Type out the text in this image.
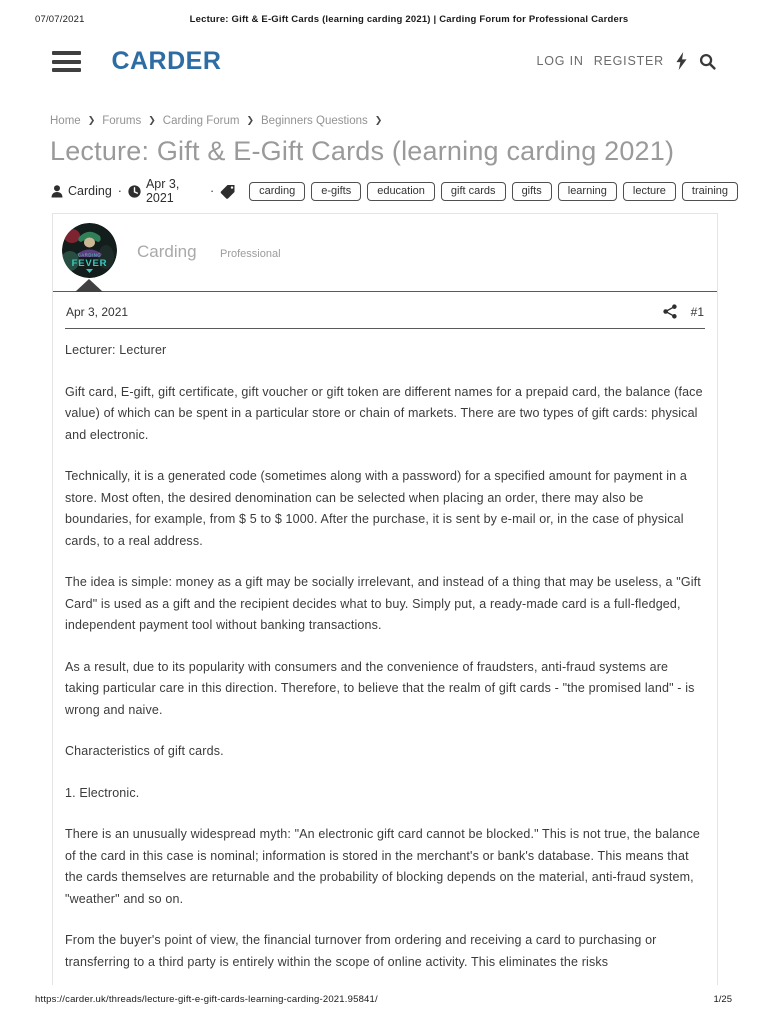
07/07/2021	Lecture: Gift & E-Gift Cards (learning carding 2021) | Carding Forum for Professional Carders
CARDER	LOG IN REGISTER
Home ❯ Forums ❯ Carding Forum ❯ Beginners Questions ❯
Lecture: Gift & E-Gift Cards (learning carding 2021)
Carding · Apr 3, 2021	·	carding	e-gifts	education	gift cards	gifts	learning	lecture	training
CARDING
FEVER
Carding Professional
Apr 3, 2021	#1

Lecturer: Lecturer

Gift card, E-gift, gift certificate, gift voucher or gift token are different names for a prepaid card, the balance (face value) of which can be spent in a particular store or chain of markets. There are two types of gift cards: physical and electronic.

Technically, it is a generated code (sometimes along with a password) for a specified amount for payment in a store. Most often, the desired denomination can be selected when placing an order, there may also be boundaries, for example, from $ 5 to $ 1000. After the purchase, it is sent by e-mail or, in the case of physical cards, to a real address.

The idea is simple: money as a gift may be socially irrelevant, and instead of a thing that may be useless, a "Gift Card" is used as a gift and the recipient decides what to buy. Simply put, a ready-made card is a full-fledged, independent payment tool without banking transactions.

As a result, due to its popularity with consumers and the convenience of fraudsters, anti-fraud systems are taking particular care in this direction. Therefore, to believe that the realm of gift cards - "the promised land" - is wrong and naive.

Characteristics of gift cards.

1. Electronic.

There is an unusually widespread myth: "An electronic gift card cannot be blocked." This is not true, the balance of the card in this case is nominal; information is stored in the merchant's or bank's database. This means that the cards themselves are returnable and the probability of blocking depends on the material, anti-fraud system, "weather" and so on.

From the buyer's point of view, the financial turnover from ordering and receiving a card to purchasing or transferring to a third party is entirely within the scope of online activity. This eliminates the risks

https://carder.uk/threads/lecture-gift-e-gift-cards-learning-carding-2021.95841/	1/25
